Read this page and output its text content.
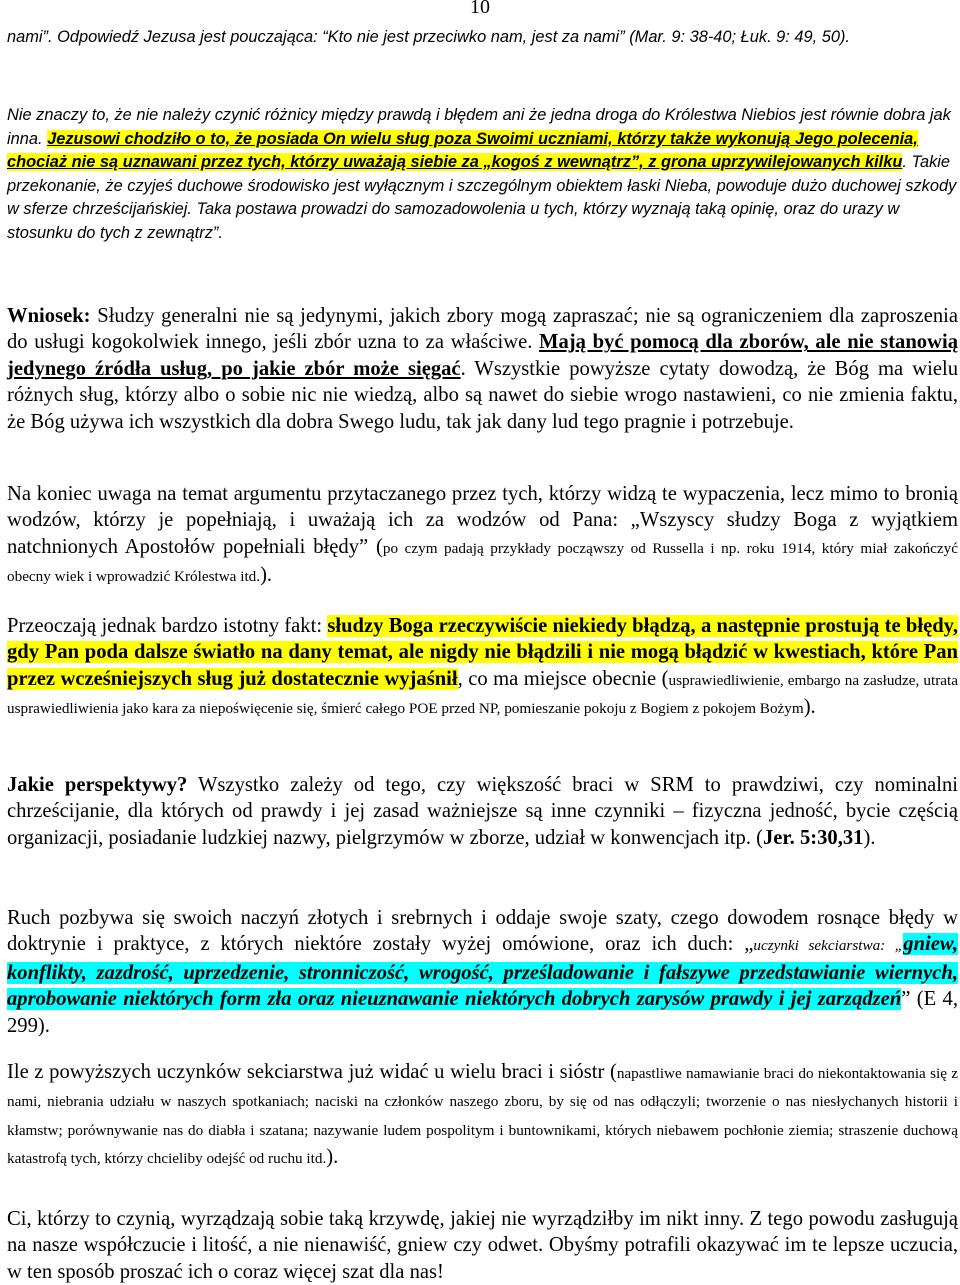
10

nami”. Odpowiedź Jezusa jest pouczająca: “Kto nie jest przeciwko nam, jest za nami” (Mar. 9: 38-40; Łuk. 9: 49, 50).

Nie znaczy to, że nie należy czynić różnicy między prawdą i błędem ani że jedna droga do Królestwa Niebios jest równie dobra jak inna. Jezusowi chodziło o to, że posiada On wielu sług poza Swoimi uczniami, którzy także wykonują Jego polecenia, chociaż nie są uznawani przez tych, którzy uważają siebie za „kogoś z wewnątrz”, z grona uprzywilejowanych kilku. Takie przekonanie, że czyjeś duchowe środowisko jest wyłącznym i szczególnym obiektem łaski Nieba, powoduje dużo duchowej szkody w sferze chrześcijańskiej. Taka postawa prowadzi do samozadowolenia u tych, którzy wyznają taką opinię, oraz do urazy w stosunku do tych z zewnątrz”.

Wniosek: Słudzy generalni nie są jedynymi, jakich zbory mogą zapraszać; nie są ograniczeniem dla zaproszenia do usługi kogokolwiek innego, jeśli zbór uzna to za właściwe. Mają być pomocą dla zborów, ale nie stanowią jedynego źródła usług, po jakie zbór może sięgać. Wszystkie powyższe cytaty dowodzą, że Bóg ma wielu różnych sług, którzy albo o sobie nic nie wiedzą, albo są nawet do siebie wrogo nastawieni, co nie zmienia faktu, że Bóg używa ich wszystkich dla dobra Swego ludu, tak jak dany lud tego pragnie i potrzebuje.

Na koniec uwaga na temat argumentu przytaczanego przez tych, którzy widzą te wypaczenia, lecz mimo to bronią wodzów, którzy je popełniają, i uważają ich za wodzów od Pana: „Wszyscy słudzy Boga z wyjątkiem natchnionych Apostołów popełniali błędy” (po czym padają przykłady począwszy od Russella i np. roku 1914, który miał zakończyć obecny wiek i wprowadzić Królestwa itd.).

Przeoczają jednak bardzo istotny fakt: słudzy Boga rzeczywiście niekiedy błądzą, a następnie prostują te błędy, gdy Pan poda dalsze światło na dany temat, ale nigdy nie błądzili i nie mogą błądzić w kwestiach, które Pan przez wcześniejszych sług już dostatecznie wyjaśnił, co ma miejsce obecnie (usprawiedliwienie, embargo na zasłudze, utrata usprawiedliwienia jako kara za niepoświęcenie się, śmierć całego POE przed NP, pomieszanie pokoju z Bogiem z pokojem Bożym).

Jakie perspektywy? Wszystko zależy od tego, czy większość braci w SRM to prawdziwi, czy nominalni chrześcijanie, dla których od prawdy i jej zasad ważniejsze są inne czynniki – fizyczna jedność, bycie częścią organizacji, posiadanie ludzkiej nazwy, pielgrzymów w zborze, udział w konwencjach itp. (Jer. 5:30,31).

Ruch pozbywa się swoich naczyń złotych i srebrnych i oddaje swoje szaty, czego dowodem rosnące błędy w doktrynie i praktyce, z których niektóre zostały wyżej omówione, oraz ich duch: „uczynki sekciarstwa: „gniew, konflikty, zazdrość, uprzedzenie, stronniczość, wrogość, prześladowanie i fałszywe przedstawianie wiernych, aprobowanie niektórych form zła oraz nieuznawanie niektórych dobrych zarysów prawdy i jej zarządzeń” (E 4, 299).

Ile z powyższych uczynków sekciarstwa już widać u wielu braci i sióstr (napastliwe namawianie braci do niekontaktowania się z nami, niebrania udziału w naszych spotkaniach; naciski na członków naszego zboru, by się od nas odłączyli; tworzenie o nas niesłychanych historii i kłamstw; porównywanie nas do diabła i szatana; nazywanie ludem pospolitym i buntownikami, których niebawem pochłonie ziemia; straszenie duchową katastrofą tych, którzy chcieliby odejść od ruchu itd.).

Ci, którzy to czynią, wyrządzają sobie taką krzywdę, jakiej nie wyrządziłby im nikt inny. Z tego powodu zasługują na nasze współczucie i litość, a nie nienawiść, gniew czy odwet. Obyśmy potrafili okazywać im te lepsze uczucia, w ten sposób proszać ich o coraz więcej szat dla nas!
